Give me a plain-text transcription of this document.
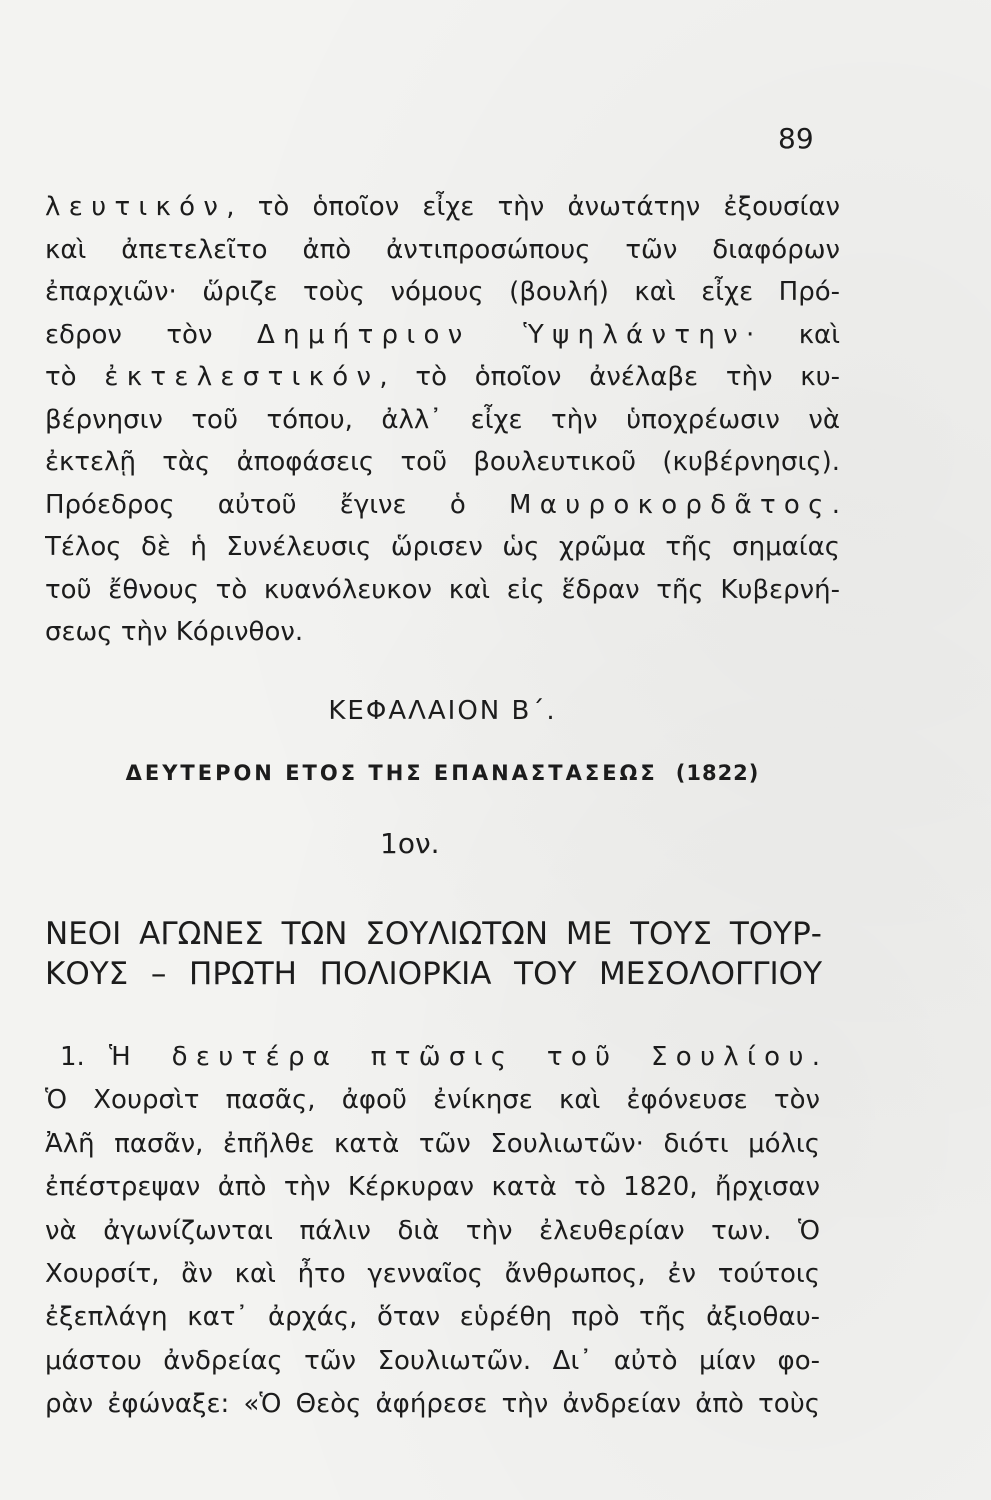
89
λευτικόν, τὸ ὁποῖον εἶχε τὴν ἀνωτάτην ἐξουσίαν
καὶ ἀπετελεῖτο ἀπὸ ἀντιπροσώπους τῶν διαφόρων
ἐπαρχιῶν· ὥριζε τοὺς νόμους (βουλή) καὶ εἶχε Πρό-
εδρον τὸν Δημήτριον Ὑψηλάντην· καὶ
τὸ ἐκτελεστικόν, τὸ ὁποῖον ἀνέλαβε τὴν κυ-
βέρνησιν τοῦ τόπου, ἀλλ᾿ εἶχε τὴν ὑποχρέωσιν νὰ
ἐκτελῇ τὰς ἀποφάσεις τοῦ βουλευτικοῦ (κυβέρνησις).
Πρόεδρος αὐτοῦ ἔγινε ὁ Μαυροκορδᾶτος.
Τέλος δὲ ἡ Συνέλευσις ὥρισεν ὡς χρῶμα τῆς σημαίας
τοῦ ἔθνους τὸ κυανόλευκον καὶ εἰς ἕδραν τῆς Κυβερνή-
σεως τὴν Κόρινθον.
ΚΕΦΑΛΑΙΟΝ Β΄.
ΔΕΥΤΕΡΟΝ ΕΤΟΣ ΤΗΣ ΕΠΑΝΑΣΤΑΣΕΩΣ (1822)
1ον.
ΝΕΟΙ ΑΓΩΝΕΣ ΤΩΝ ΣΟΥΛΙΩΤΩΝ ΜΕ ΤΟΥΣ ΤΟΥΡ-
ΚΟΥΣ – ΠΡΩΤΗ ΠΟΛΙΟΡΚΙΑ ΤΟΥ ΜΕΣΟΛΟΓΓΙΟΥ
1. Ἡ δευτέρα πτῶσις τοῦ Σουλίου.
Ὁ Χουρσὶτ πασᾶς, ἀφοῦ ἐνίκησε καὶ ἐφόνευσε τὸν
Ἀλῆ πασᾶν, ἐπῆλθε κατὰ τῶν Σουλιωτῶν· διότι μόλις
ἐπέστρεψαν ἀπὸ τὴν Κέρκυραν κατὰ τὸ 1820, ἤρχισαν
νὰ ἀγωνίζωνται πάλιν διὰ τὴν ἐλευθερίαν των. Ὁ
Χουρσίτ, ἂν καὶ ἦτο γενναῖος ἄνθρωπος, ἐν τούτοις
ἐξεπλάγη κατ᾿ ἀρχάς, ὅταν εὑρέθη πρὸ τῆς ἀξιοθαυ-
μάστου ἀνδρείας τῶν Σουλιωτῶν. Δι᾿ αὐτὸ μίαν φο-
ρὰν ἐφώναξε: «Ὁ Θεὸς ἀφήρεσε τὴν ἀνδρείαν ἀπὸ τοὺς
